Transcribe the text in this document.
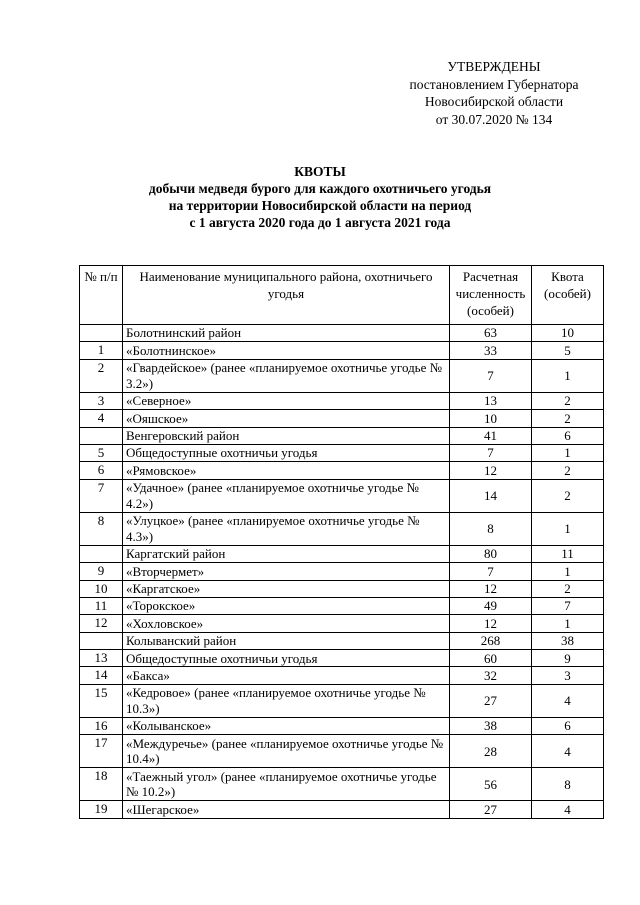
УТВЕРЖДЕНЫ
постановлением Губернатора
Новосибирской области
от 30.07.2020 № 134
КВОТЫ
добычи медведя бурого для каждого охотничьего угодья
на территории Новосибирской области на период
с 1 августа 2020 года до 1 августа 2021 года
№ п/п	Наименование муниципального района, охотничьего угодья	Расчетная численность (особей)	Квота (особей)
	Болотнинский район	63	10
1	«Болотнинское»	33	5
2	«Гвардейское» (ранее «планируемое охотничье угодье № 3.2»)	7	1
3	«Северное»	13	2
4	«Ояшское»	10	2
	Венгеровский район	41	6
5	Общедоступные охотничьи угодья	7	1
6	«Рямовское»	12	2
7	«Удачное» (ранее «планируемое охотничье угодье № 4.2»)	14	2
8	«Улуцкое» (ранее «планируемое охотничье угодье № 4.3»)	8	1
	Каргатский район	80	11
9	«Вторчермет»	7	1
10	«Каргатское»	12	2
11	«Торокское»	49	7
12	«Хохловское»	12	1
	Колыванский район	268	38
13	Общедоступные охотничьи угодья	60	9
14	«Бакса»	32	3
15	«Кедровое» (ранее «планируемое охотничье угодье № 10.3»)	27	4
16	«Колыванское»	38	6
17	«Междуречье» (ранее «планируемое охотничье угодье № 10.4»)	28	4
18	«Таежный угол» (ранее «планируемое охотничье угодье № 10.2»)	56	8
19	«Шегарское»	27	4
